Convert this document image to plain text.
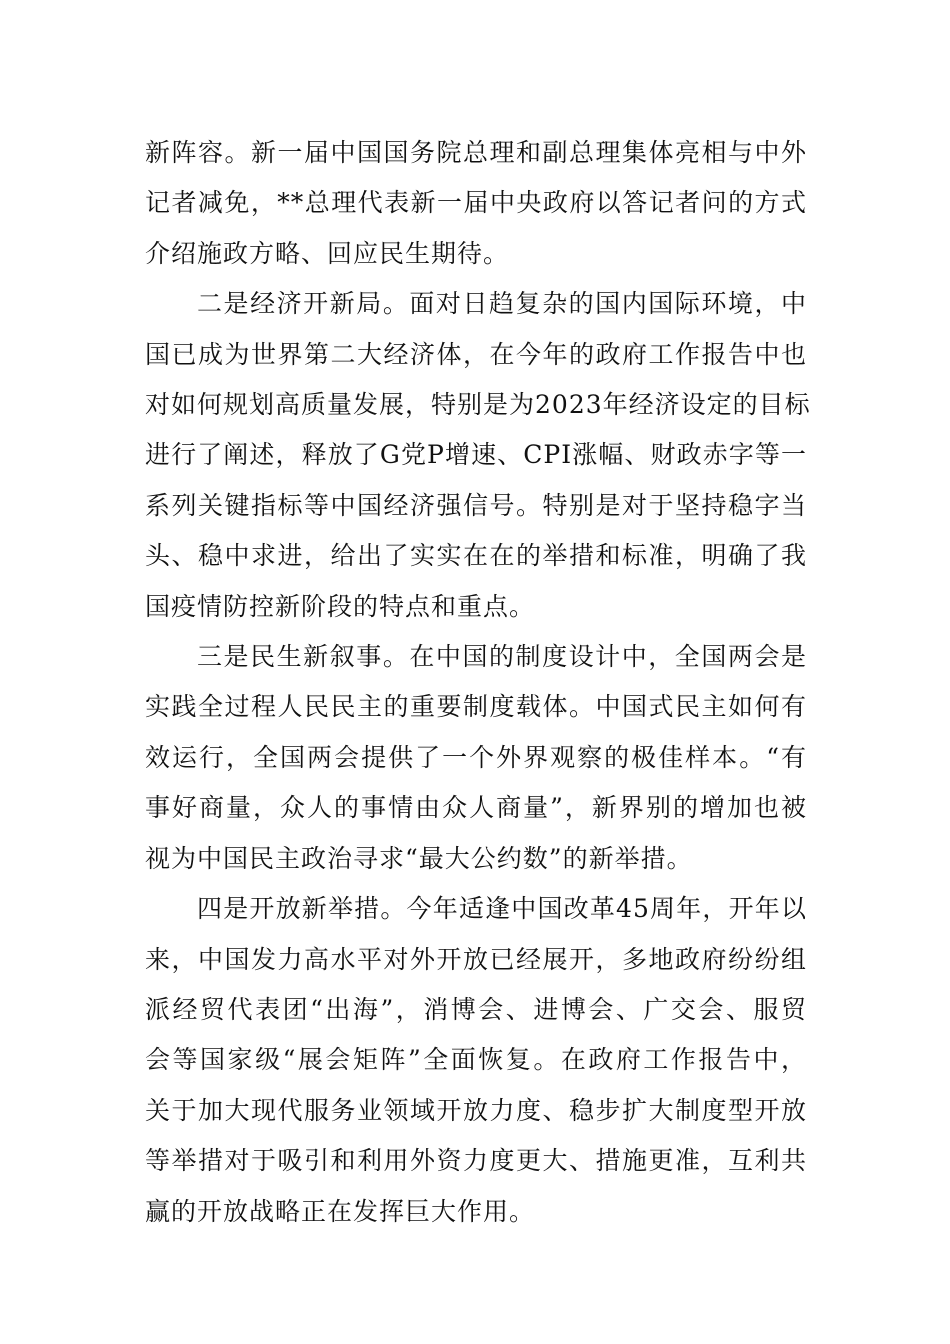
新阵容。新一届中国国务院总理和副总理集体亮相与中外
记者减免，**总理代表新一届中央政府以答记者问的方式
介绍施政方略、回应民生期待。

二是经济开新局。面对日趋复杂的国内国际环境，中
国已成为世界第二大经济体，在今年的政府工作报告中也
对如何规划高质量发展，特别是为2023年经济设定的目标
进行了阐述，释放了G党P增速、CPI涨幅、财政赤字等一
系列关键指标等中国经济强信号。特别是对于坚持稳字当
头、稳中求进，给出了实实在在的举措和标准，明确了我
国疫情防控新阶段的特点和重点。

三是民生新叙事。在中国的制度设计中，全国两会是
实践全过程人民民主的重要制度载体。中国式民主如何有
效运行，全国两会提供了一个外界观察的极佳样本。“有
事好商量，众人的事情由众人商量”，新界别的增加也被
视为中国民主政治寻求“最大公约数”的新举措。

四是开放新举措。今年适逢中国改革45周年，开年以
来，中国发力高水平对外开放已经展开，多地政府纷纷组
派经贸代表团“出海”，消博会、进博会、广交会、服贸
会等国家级“展会矩阵”全面恢复。在政府工作报告中，
关于加大现代服务业领域开放力度、稳步扩大制度型开放
等举措对于吸引和利用外资力度更大、措施更准，互利共
赢的开放战略正在发挥巨大作用。
